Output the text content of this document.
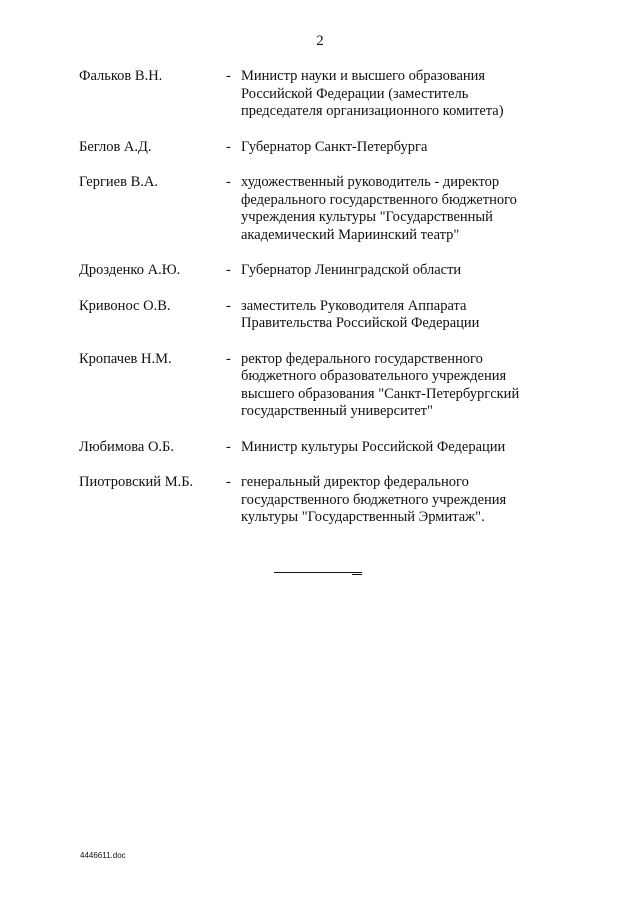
2
Фальков В.Н.	- Министр науки и высшего образования
Российской Федерации (заместитель
председателя организационного комитета)
Беглов А.Д.	- Губернатор Санкт-Петербурга
Гергиев В.А.	- художественный руководитель - директор
федерального государственного бюджетного
учреждения культуры "Государственный
академический Мариинский театр"
Дрозденко А.Ю.	- Губернатор Ленинградской области
Кривонос О.В.	- заместитель Руководителя Аппарата
Правительства Российской Федерации
Кропачев Н.М.	- ректор федерального государственного
бюджетного образовательного учреждения
высшего образования "Санкт-Петербургский
государственный университет"
Любимова О.Б.	- Министр культуры Российской Федерации
Пиотровский М.Б. - генеральный директор федерального
государственного бюджетного учреждения
культуры "Государственный Эрмитаж".
4446611.doc
